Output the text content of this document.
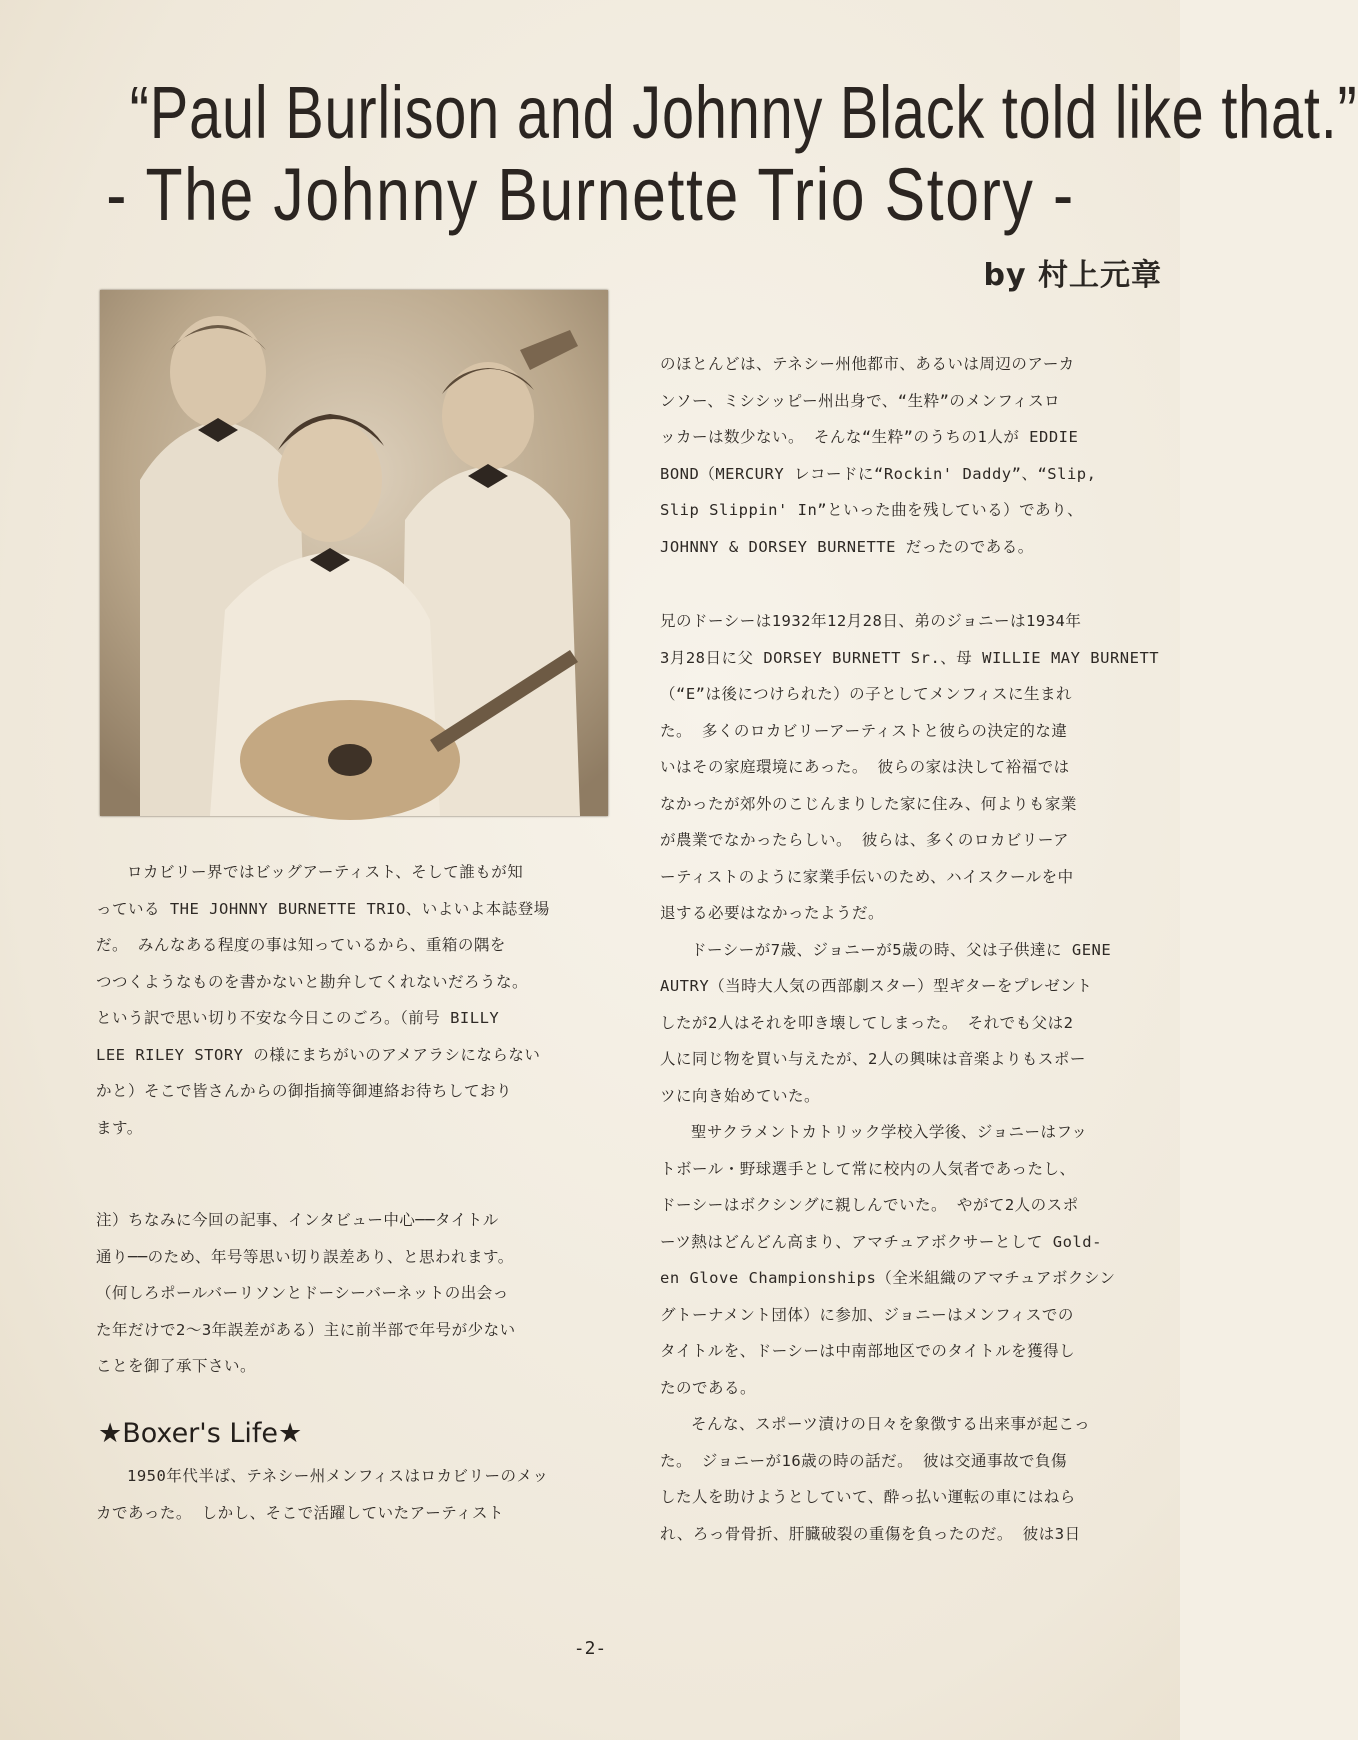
“Paul Burlison and Johnny Black told like that.”
- The Johnny Burnette Trio Story -
by 村上元章

ロカビリー界ではビッグアーティスト、そして誰もが知

っている THE JOHNNY BURNETTE TRIO、いよいよ本誌登場

だ。 みんなある程度の事は知っているから、重箱の隅を

つつくようなものを書かないと勘弁してくれないだろうな。

という訳で思い切り不安な今日このごろ。（前号 BILLY

LEE RILEY STORY の様にまちがいのアメアラシにならない

かと）そこで皆さんからの御指摘等御連絡お待ちしており

ます。

注）ちなみに今回の記事、インタビュー中心──タイトル

通り──のため、年号等思い切り誤差あり、と思われます。

（何しろポールバーリソンとドーシーバーネットの出会っ

た年だけで2〜3年誤差がある）主に前半部で年号が少ない

ことを御了承下さい。

★Boxer's Life★

1950年代半ば、テネシー州メンフィスはロカビリーのメッ

カであった。 しかし、そこで活躍していたアーティスト

のほとんどは、テネシー州他都市、あるいは周辺のアーカ

ンソー、ミシシッピー州出身で、“生粋”のメンフィスロ

ッカーは数少ない。 そんな“生粋”のうちの1人が EDDIE

BOND（MERCURY レコードに“Rockin' Daddy”、“Slip,

Slip Slippin' In”といった曲を残している）であり、

JOHNNY & DORSEY BURNETTE だったのである。

兄のドーシーは1932年12月28日、弟のジョニーは1934年

3月28日に父 DORSEY BURNETT Sr.、母 WILLIE MAY BURNETT

（“E”は後につけられた）の子としてメンフィスに生まれ

た。 多くのロカビリーアーティストと彼らの決定的な違

いはその家庭環境にあった。 彼らの家は決して裕福では

なかったが郊外のこじんまりした家に住み、何よりも家業

が農業でなかったらしい。 彼らは、多くのロカビリーア

ーティストのように家業手伝いのため、ハイスクールを中

退する必要はなかったようだ。

ドーシーが7歳、ジョニーが5歳の時、父は子供達に GENE

AUTRY（当時大人気の西部劇スター）型ギターをプレゼント

したが2人はそれを叩き壊してしまった。 それでも父は2

人に同じ物を買い与えたが、2人の興味は音楽よりもスポー

ツに向き始めていた。

聖サクラメントカトリック学校入学後、ジョニーはフッ

トボール・野球選手として常に校内の人気者であったし、

ドーシーはボクシングに親しんでいた。 やがて2人のスポ

ーツ熱はどんどん高まり、アマチュアボクサーとして Gold-

en Glove Championships（全米組織のアマチュアボクシン

グトーナメント団体）に参加、ジョニーはメンフィスでの

タイトルを、ドーシーは中南部地区でのタイトルを獲得し

たのである。

そんな、スポーツ漬けの日々を象徴する出来事が起こっ

た。 ジョニーが16歳の時の話だ。 彼は交通事故で負傷

した人を助けようとしていて、酔っ払い運転の車にはねら

れ、ろっ骨骨折、肝臓破裂の重傷を負ったのだ。 彼は3日

-2-
